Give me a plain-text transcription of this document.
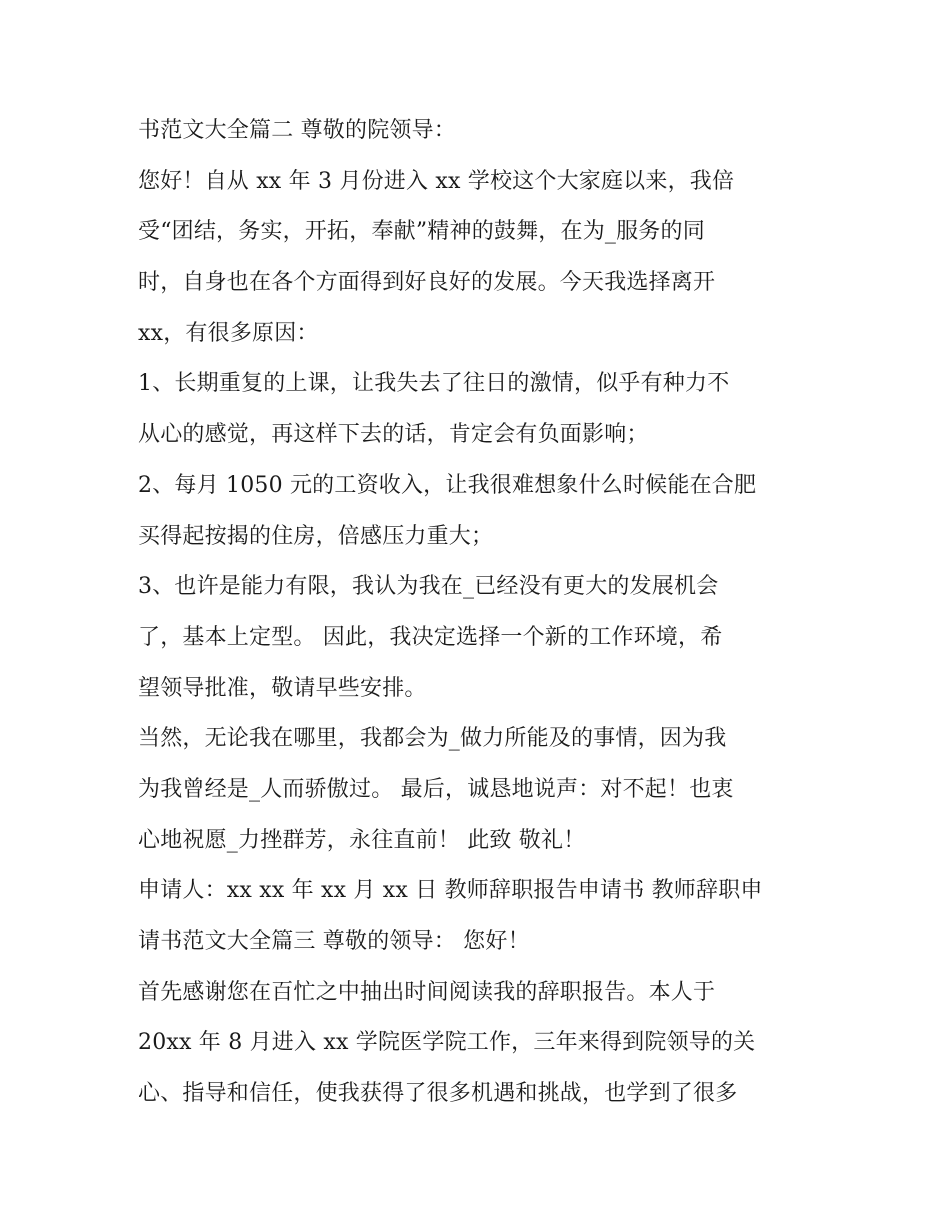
书范文大全篇二 尊敬的院领导：
您好！自从 xx 年 3 月份进入 xx 学校这个大家庭以来，我倍
受“团结，务实，开拓，奉献”精神的鼓舞，在为_服务的同
时，自身也在各个方面得到好良好的发展。今天我选择离开
xx，有很多原因：
1、长期重复的上课，让我失去了往日的激情，似乎有种力不
从心的感觉，再这样下去的话，肯定会有负面影响；
2、每月 1050 元的工资收入，让我很难想象什么时候能在合肥
买得起按揭的住房，倍感压力重大；
3、也许是能力有限，我认为我在_已经没有更大的发展机会
了，基本上定型。 因此，我决定选择一个新的工作环境，希
望领导批准，敬请早些安排。
当然，无论我在哪里，我都会为_做力所能及的事情，因为我
为我曾经是_人而骄傲过。 最后，诚恳地说声：对不起！也衷
心地祝愿_力挫群芳，永往直前！ 此致 敬礼！
申请人：xx xx 年 xx 月 xx 日 教师辞职报告申请书 教师辞职申
请书范文大全篇三 尊敬的领导： 您好！
首先感谢您在百忙之中抽出时间阅读我的辞职报告。本人于
20xx 年 8 月进入 xx 学院医学院工作，三年来得到院领导的关
心、指导和信任，使我获得了很多机遇和挑战，也学到了很多
